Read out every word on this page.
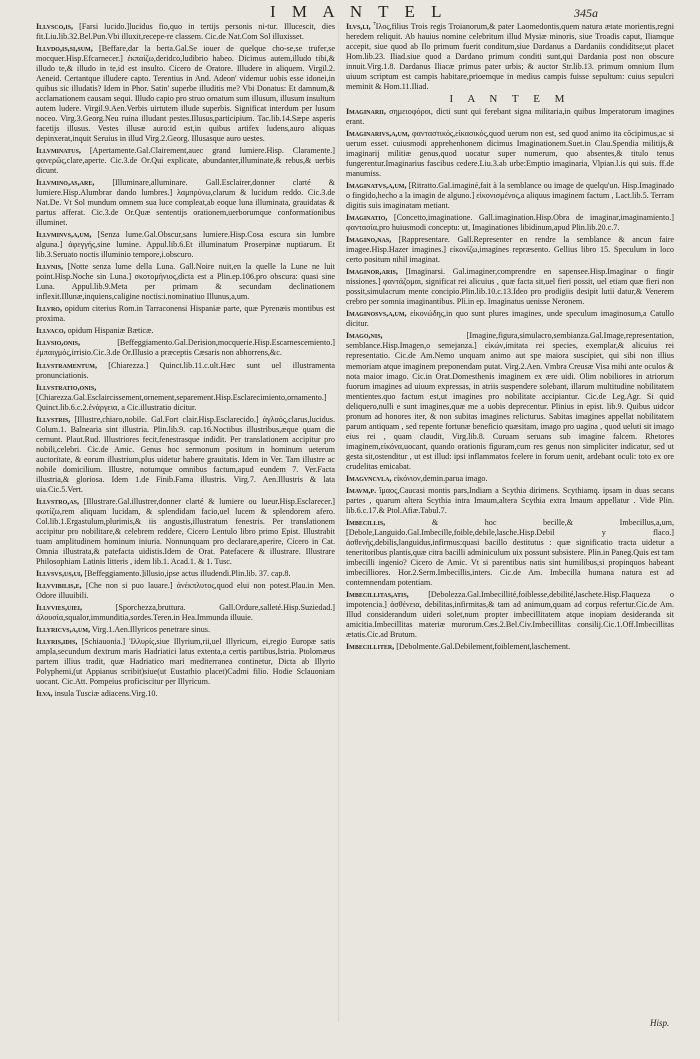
I M A N T E L	345a

Illvsco,is, [Farsi lucido.]lucidus fio,quo in tertijs personis ni-tur. Illucescit, dies fit.Liu.lib.32.Bel.Pun.Vbi illuxit,recepe-re classem. Cic.de Nat.Com Sol illuxisset.

Illvdo,is,si,sum, [Beffare,dar la berta.Gal.Se iouer de quelque cho-se,se trufer,se mocquer.Hisp.Efcarnecer.] ἐκπαίζω,deridco,ludibrio habeo. Dicimus autem,illudo tibi,& illudo te,& illudo in te,id est insulto. Cicero de Oratore. Illudere in aliquem. Virgil.2. Aeneid. Certantque illudere capto. Terentius in And. Adeon' videmur uobis esse idonei,in quibus sic illudatis? Idem in Phor. Satin' superbe illuditis me? Vbi Donatus: Et damnum,& acclamationem causam sequi. Illudo capio pro struo ornatum sum illusum, illusum insultum autem ludere. Virgil.9.Aen.Verbis uirtutem illude superbis. Significat interdum per lusum noceo. Virg.3.Georg.Neu ruina illudant pestes.Illusus,participium. Tac.lib.14.Sæpe asperis facetijs illusus. Vestes illusæ auro:id est,in quibus artifex ludens,auro aliquas depinxerat,inquit Seruius in illud Virg.2.Georg. Illusasque auro uestes.

Illvminatus, [Apertamente.Gal.Clairement,auec grand lumiere.Hisp. Claramente.] φανερῶς,clare,aperte. Cic.3.de Or.Qui explicate, abundanter,illuminate,& rebus,& uerbis dicunt.

Illvmino,as,are, [Illuminare,alluminare. Gall.Esclairer,donner clarté & lumiere.Hisp.Alumbrar dando lumbres.] λαμπρύνω,clarum & lucidum reddo. Cic.3.de Nat.De. Vt Sol mundum omnem sua luce compleat,ab eoque luna illuminata, grauidatas & partus afferat. Cic.3.de Or.Quæ sententijs orationem,uerborumque conformationibus illuminet.

Illvminvs,a,um, [Senza lume.Gal.Obscur,sans lumiere.Hisp.Cosa escura sin lumbre alguna.] ἀφεγγής,sine lumine. Appul.lib.6.Et illuminatum Proserpinæ nuptiarum. Et lib.3.Seruato noctis illuminio tempore,i.obscuro.

Illvnis, [Notte senza lume della Luna. Gall.Noire nuit,en la quelle la Lune ne luit point.Hisp.Noche sin Luna.] σκοτομήνιος,dicta est a Plin.ep.106.pro obscura: quasi sine Luna. Appul.lib.9.Meta per primam & secundam declinationem inflexit.Illunæ,inquiens,caligine noctis:i.nominatiuo Illunus,a,um.

Illvro, opidum citerius Rom.in Tarraconensi Hispaniæ parte, quæ Pyrenæis montibus est proxima.

Illvaco, opidum Hispaniæ Bæticæ.

Illvsio,onis,	[Beffeggiamento.Gal.Derision,mocquerie.Hisp.Escarnescemiento.] ἐμπαιγμός,irrisio.Cic.3.de Or.Illusio a præceptis Cæsaris non abhorrens,&c.

Illvstramentum, [Chiarezza.] Quinct.lib.11.c.ult.Hæc sunt uel illustramenta pronunciationis.

Illvstratio,onis, [Chiarezza.Gal.Esclaircissement,ornement,separement.Hisp.Esclarecimiento,ornamento.] Quinct.lib.6.c.2.ἐνάργεια, a Cic.illustratio dicitur.

Illvstris, [Illustre,chiaro,nobile. Gal.Fort clair.Hisp.Esclarecido.] ἀγλαός,clarus,lucidus. Colum.1. Balnearia sint illustria. Plin.lib.9. cap.16.Noctibus illustribus,æque quam die cernunt. Plaut.Rud. Illustriores fecit,fenestrasque indidit. Per translationem accipitur pro nobili,celebri. Cic.de Amic. Genus hoc sermonum positum in hominum ueterum auctoritate, & eorum illustrium,plus uidetur habere grauitatis. Idem in Ver. Tam illustre ac nobile domicilium. Illustre, notumque omnibus factum,apud eundem 7. Ver.Facta illustria,& gloriosa. Idem 1.de Finib.Fama illustris. Virg.7. Aen.Illustris & lata uia.Cic.5.Vert.

Illvstro,as, [Illustrare.Gal.illustrer,donner clarté & lumiere ou lueur.Hisp.Esclarecer.] φωτίζω,rem aliquam lucidam, & splendidam facio,uel lucem & splendorem afero. Col.lib.1.Ergastulum,plurimis,& iis angustis,illustratum fenestris. Per translationem accipitur pro nobilitare,& celebrem reddere, Cicero Lentulo libro primo Epist. Illustrabit tuam amplitudinem hominum iniuria. Nonnunquam pro declarare,aperire, Cicero in Cat. Omnia illustrata,& patefacta uidistis.Idem de Orat. Patefacere & illustrare. Illustrare Philosophiam Latinis litteris , idem lib.1. Acad.1. & 1. Tusc.

Illvsvs,us,ui, [Beffeggiamento.]illusio,ipse actus illudendi.Plin.lib. 37. cap.8.

Illvvibilis,e, [Che non si puo lauare.] ἀνέκπλυτος,quod elui non potest.Plau.in Men. Odore illuuibili.

Illvvies,uiei,	[Sporchezza,bruttura. Gall.Ordure,salleté.Hisp.Suziedad.] ἀλουσία,squalor,immunditia,sordes.Teren.in Hea.Immunda illuuie.

Illyricvs,a,um, Virg.1.Aen.Illyricos penetrare sinus.

Illyris,idis, [Schiauonia.] Ἰλλυρίς,siue Illyrium,rii,uel Illyricum, ei,regio Europæ satis ampla,secundum dextrum maris Hadriatici latus extenta,a certis partibus,Istria. Ptolomæus partem illius tradit, quæ Hadriatico mari mediterranea continetur, Dicta ab Illyrio Polyphemi,(ut Appianus scribit)siue(ut Eustathio placet)Cadmi filio. Hodie Sclauoniam uocant. Cic.Att. Pompeius proficiscitur per Illyricum.

Ilva, insula Tusciæ adiacens.Virg.10.

Ilvs,li, Ἶλος,filius Trois regis Troianorum,& pater Laomedontis,quem natura ætate morientis,regni heredem reliquit. Ab hauius nomine celebritum illud Mysiæ minoris, siue Troadis caput, Iliamque accepit, siue quod ab Ilo primum fuerit conditum,siue Dardanus a Dardaniis condiditse;ut placet Hom.lib.23. Iliad.siue quod a Dardano primum conditi sunt,qui Dardania post non obscure innuit.Virg.1.8. Dardanus Iliacæ primus pater urbis; & auctor Str.lib.13. primum omnium Ilum uiuum scriptum est campis habitare,prioemque in medius campis fuisse sepultum: cuius sepulcri meminit & Hom.11.Iliad.

I A N T E M

Imaginarii, σημειοφόροι, dicti sunt qui ferebant signa militaria,in quibus Imperatorum imagines erant.

Imaginarivs,a,um, φανταστικός,εἰκασικός,quod uerum non est, sed quod animo ita cōcipimus,ac si uerum esset. cuiusmodi apprehenhonem dicimus Imaginationem.Suet.in Clau.Spendia militijs,& imaginarij militiæ genus,quod uocatur super numerum, quo absentes,& titulo tenus fungerentur.Imaginarius fascibus cedere.Liu.3.ab urbe:Emptio imaginaria, Vlpian.l.is qui suis. ff.de manumiss.

Imaginatvs,a,um, [Ritratto.Gal.imaginé,fait à la semblance ou image de quelqu'un. Hisp.Imaginado o fingido,hecho a la imagin de alguno.] εἰκονισμένος,a aliquus imaginem factum , Lact.lib.5. Terram digitis suis imaginatam metiant.

Imaginatio, [Concetto,imaginatione. Gall.imagination.Hisp.Obra de imaginar,imaginamiento.] φαντασία,pro huiusmodi conceptu: ut, Imaginationes libidinum,apud Plin.lib.20.c.7.

Imagino,nas, [Rappresentare. Gall.Representer en rendre la semblance & ancun faire imagee.Hisp.Hazer imagines.] εἰκονίζω,imagines repræsento. Gellius libro 15. Speculum in loco certo positum nihil imaginat.

Imaginor,aris, [Imaginarsi. Gal.imaginer,comprendre en sapensee.Hisp.Imaginar o fingir nissiones.] φαντάζομαι, significat rei alicuius , quæ facta sit,uel fieri possit, uel etiam quæ fieri non possit,simulacrum mente concipio.Plin.lib.10.c.13.Ideo pro prodigiis desipit lutii datur,& Venerem crebro per somnia imaginantibus. Pli.in ep. Imaginatus uenisse Neronem.

Imaginosvs,a,um, εἰκονώδης,in quo sunt plures imagines, unde speculum imaginosum,a Catullo dicitur.

Imago,nis,	[Imagine,figura,simulacro,sembianza.Gal.Image,representation, semblance.Hisp.Imagen,o semejanza.] εἰκών,imitata rei species, exemplar,& alicuius rei representatio. Cic.de Am.Nemo unquam animo aut spe maiora suscipiet, qui sibi non illius memoriam atque imaginem preponendam putat. Virg.2.Aen. Vmbra Creusæ Visa mihi ante oculos & nota maior imago. Cic.in Orat.Domesthenis imaginem ex ære uidi. Olim nobiliores in atriorum fuorum imagines ad uiuum expressas, in atriis suspendere solebant, illarum multitudine nobilitatem mentientes.quo factum est,ut imagines pro nobilitate accipiantur. Cic.de Leg.Agr. Si quid deliquero,nulli e sunt imagines,quæ me a uobis deprecentur. Plinius in epist. lib.9. Quibus uidcor pronum ad honores iter, & non subitas imagines relicturus. Sabitas imagines appellat nobilitatem parum antiquam , sed repente fortunæ beneficio quæsitam, imago pro uagina , quod ueluti sit imago eius rei , quam claudit, Virg.lib.8. Curuam seruans sub imagine falcem. Rhetores imaginem,εἰκόνα,uocant, quando orationis figuram,cum res genus non simpliciter indicatur, sed ut gesta sit,ostenditur , ut est illud: ipsi inflammatos fcelere in forum uenit, ardebant oculi: toto ex ore crudelitas emicabat.

Imagvncvla, εἰκόνιον,demin.parua imago.

Imavm,p. ἴμαος,Caucasi montis pars,Indiam a Scythia dirimens. Scythiamq. ipsam in duas secans partes , quarum altera Scythia intra Imaum,altera Scythia extra Imaum appellatur . Vide Plin. lib.6.c.17.& Ptol.Afiæ.Tabul.7.

Imbecillis,	& hoc becille,& Imbecillus,a,um, [Debole,Languido.Gal.Imbecille,foible,debile,lasche.Hisp.Debil y flaco.] ἀσθενής,debilis,languidus,infirmus:quasi bacillo destitutus : quæ significatio tracta uidetur a teneritoribus plantis,quæ citra bacilli adminiculum uix possunt subsistere. Plin.in Paneg.Quis est tam imbecilli ingenio? Cicero de Amic. Vt si parentibus natis sint humilibus,si propinquos habeant imbecilliores. Hor.2.Serm.Imbecillis,inters. Cic.de Am. Imbecilla humana natura est ad contemnendam potentiam.

Imbecillitas,atis, [Debolezza.Gal.Imbecillité,foiblesse,debilité,laschete.Hisp.Flaqueza o impotencia.] ἀσθένεια, debilitas,infirmitas,& tam ad animum,quam ad corpus refertur.Cic.de Am. Illud considerandum uideri solet,num propter imbecillitatem atque inopiam desideranda sit amicitia.Imbecillitas materiæ murorum.Cæs.2.Bel.Civ.Imbecillitas consilij.Cic.1.Off.Imbecillitas ætatis.Cic.ad Brutum.

Imbecilliter, [Debolmente.Gal.Debilement,foiblement,laschement.

Hisp.
